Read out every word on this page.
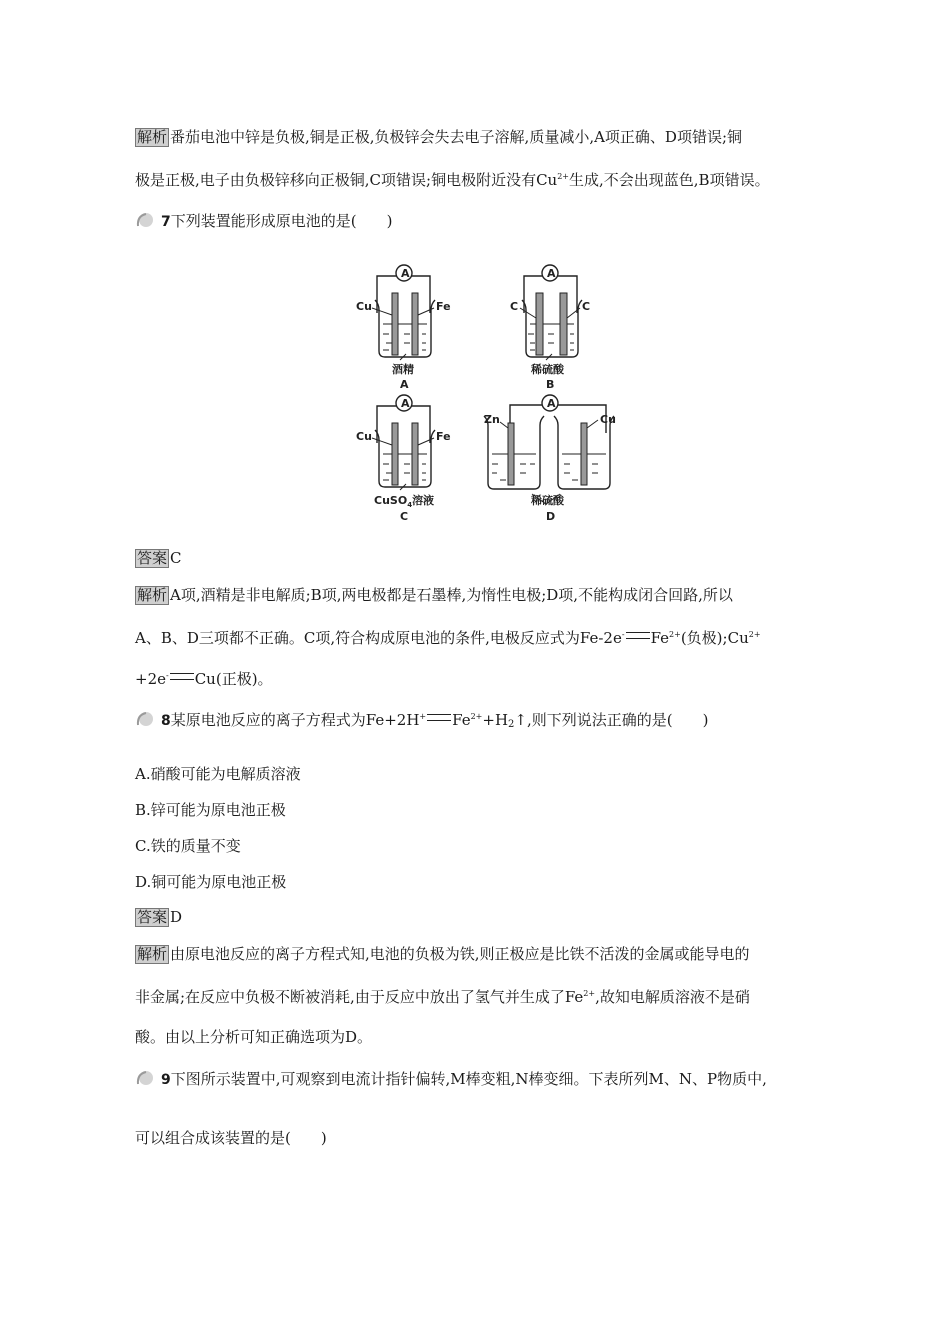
解析 番茄电池中锌是负极,铜是正极,负极锌会失去电子溶解,质量减小,A项正确、D项错误;铜
极是正极,电子由负极锌移向正极铜,C项错误;铜电极附近没有$Cu^{2+}$生成,不会出现蓝色,B项错误。
7下列装置能形成原电池的是(　　)
A
Cu	Fe
酒精
A
A
C	C
稀硫酸
B
A
Cu	Fe
CuSO$_4$溶液
C
A
Zn	Cu
稀硫酸
D
答案 C
解析 A项,酒精是非电解质;B项,两电极都是石墨棒,为惰性电极;D项,不能构成闭合回路,所以
A、B、D三项都不正确。C项,符合构成原电池的条件,电极反应式为Fe-2e- $Fe^{2+}$(负极)$;Cu^{2+}$
+2e- Cu(正极)。
8某原电池反应的离子方程式为Fe+2H+ $Fe^{2+}+H_2↑$,则下列说法正确的是(　　)
A.硝酸可能为电解质溶液
B.锌可能为原电池正极
C.铁的质量不变
D.铜可能为原电池正极
答案 D
解析 由原电池反应的离子方程式知,电池的负极为铁,则正极应是比铁不活泼的金属或能导电的
非金属;在反应中负极不断被消耗,由于反应中放出了氢气并生成了$Fe^{2+}$,故知电解质溶液不是硝
酸。由以上分析可知正确选项为D。
9下图所示装置中,可观察到电流计指针偏转,M棒变粗,N棒变细。下表所列M、N、P物质中,
可以组合成该装置的是(　　)
